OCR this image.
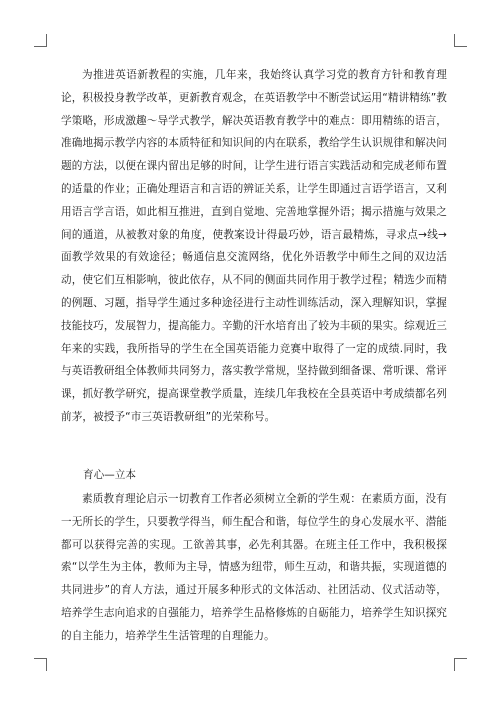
为推进英语新教程的实施，几年来，我始终认真学习党的教育方针和教育理论，积极投身教学改革，更新教育观念，在英语教学中不断尝试运用“精讲精练”教学策略，形成激趣～导学式教学，解决英语教育教学中的难点：即用精练的语言，准确地揭示教学内容的本质特征和知识间的内在联系，教给学生认识规律和解决问题的方法，以便在课内留出足够的时间，让学生进行语言实践活动和完成老师布置的适量的作业；正确处理语言和言语的辨证关系，让学生即通过言语学语言，又利用语言学言语，如此相互推进，直到自觉地、完善地掌握外语；揭示措施与效果之间的通道，从被教对象的角度，使教案设计得最巧妙，语言最精炼，寻求点→线→面教学效果的有效途径；畅通信息交流网络，优化外语教学中师生之间的双边活动，使它们互相影响，彼此依存，从不同的侧面共同作用于教学过程；精选少而精的例题、习题，指导学生通过多种途径进行主动性训练活动，深入理解知识，掌握技能技巧，发展智力，提高能力。辛勤的汗水培育出了较为丰硕的果实。综观近三年来的实践，我所指导的学生在全国英语能力竞赛中取得了一定的成绩.同时，我与英语教研组全体教师共同努力，落实教学常规，坚持做到细备课、常听课、常评课，抓好教学研究，提高课堂教学质量，连续几年我校在全县英语中考成绩都名列前茅，被授予“市三英语教研组”的光荣称号。

育心—立本

素质教育理论启示一切教育工作者必须树立全新的学生观：在素质方面，没有一无所长的学生，只要教学得当，师生配合和谐，每位学生的身心发展水平、潜能都可以获得完善的实现。工欲善其事，必先利其器。在班主任工作中，我积极探索“以学生为主体，教师为主导，情感为纽带，师生互动，和谐共振，实现道德的共同进步”的育人方法，通过开展多种形式的文体活动、社团活动、仪式活动等，培养学生志向追求的自强能力，培养学生品格修炼的自砺能力，培养学生知识探究的自主能力，培养学生生活管理的自理能力。
